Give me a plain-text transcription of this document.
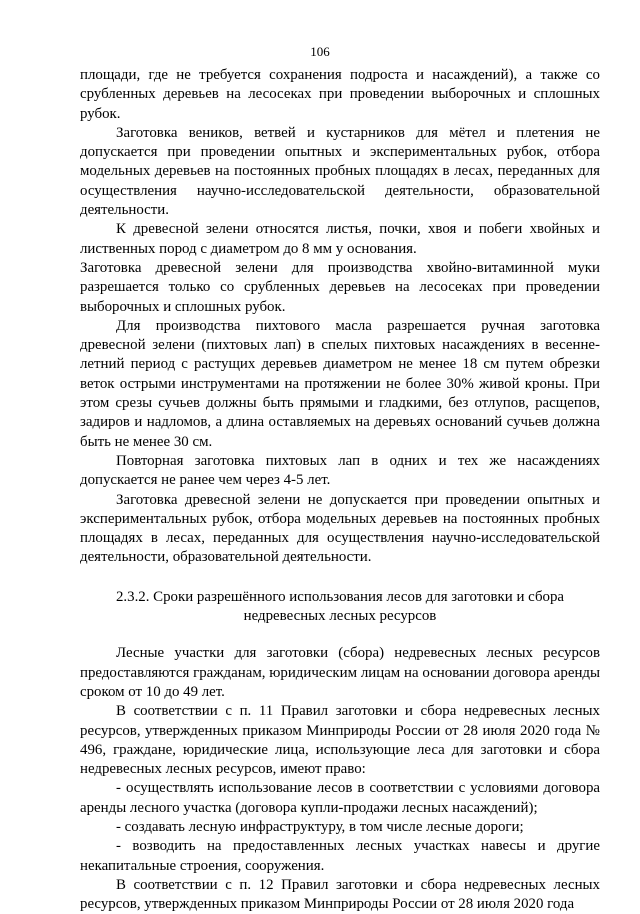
106

площади, где не требуется сохранения подроста и насаждений), а также со срубленных деревьев на лесосеках при проведении выборочных и сплошных рубок.

Заготовка веников, ветвей и кустарников для мётел и плетения не допускается при проведении опытных и экспериментальных рубок, отбора модельных деревьев на постоянных пробных площадях в лесах, переданных для осуществления научно-исследовательской деятельности, образовательной деятельности.

К древесной зелени относятся листья, почки, хвоя и побеги хвойных и лиственных пород с диаметром до 8 мм у основания.

Заготовка древесной зелени для производства хвойно-витаминной муки разрешается только со срубленных деревьев на лесосеках при проведении выборочных и сплошных рубок.

Для производства пихтового масла разрешается ручная заготовка древесной зелени (пихтовых лап) в спелых пихтовых насаждениях в весенне-летний период с растущих деревьев диаметром не менее 18 см путем обрезки веток острыми инструментами на протяжении не более 30% живой кроны. При этом срезы сучьев должны быть прямыми и гладкими, без отлупов, расщепов, задиров и надломов, а длина оставляемых на деревьях оснований сучьев должна быть не менее 30 см.

Повторная заготовка пихтовых лап в одних и тех же насаждениях допускается не ранее чем через 4-5 лет.

Заготовка древесной зелени не допускается при проведении опытных и экспериментальных рубок, отбора модельных деревьев на постоянных пробных площадях в лесах, переданных для осуществления научно-исследовательской деятельности, образовательной деятельности.

2.3.2. Сроки разрешённого использования лесов для заготовки и сбора недревесных лесных ресурсов

Лесные участки для заготовки (сбора) недревесных лесных ресурсов предоставляются гражданам, юридическим лицам на основании договора аренды сроком от 10 до 49 лет.

В соответствии с п. 11 Правил заготовки и сбора недревесных лесных ресурсов, утвержденных приказом Минприроды России от 28 июля 2020 года № 496, граждане, юридические лица, использующие леса для заготовки и сбора недревесных лесных ресурсов, имеют право:

- осуществлять использование лесов в соответствии с условиями договора аренды лесного участка (договора купли-продажи лесных насаждений);

- создавать лесную инфраструктуру, в том числе лесные дороги;

- возводить на предоставленных лесных участках навесы и другие некапитальные строения, сооружения.

В соответствии с п. 12 Правил заготовки и сбора недревесных лесных ресурсов, утвержденных приказом Минприроды России от 28 июля 2020 года
